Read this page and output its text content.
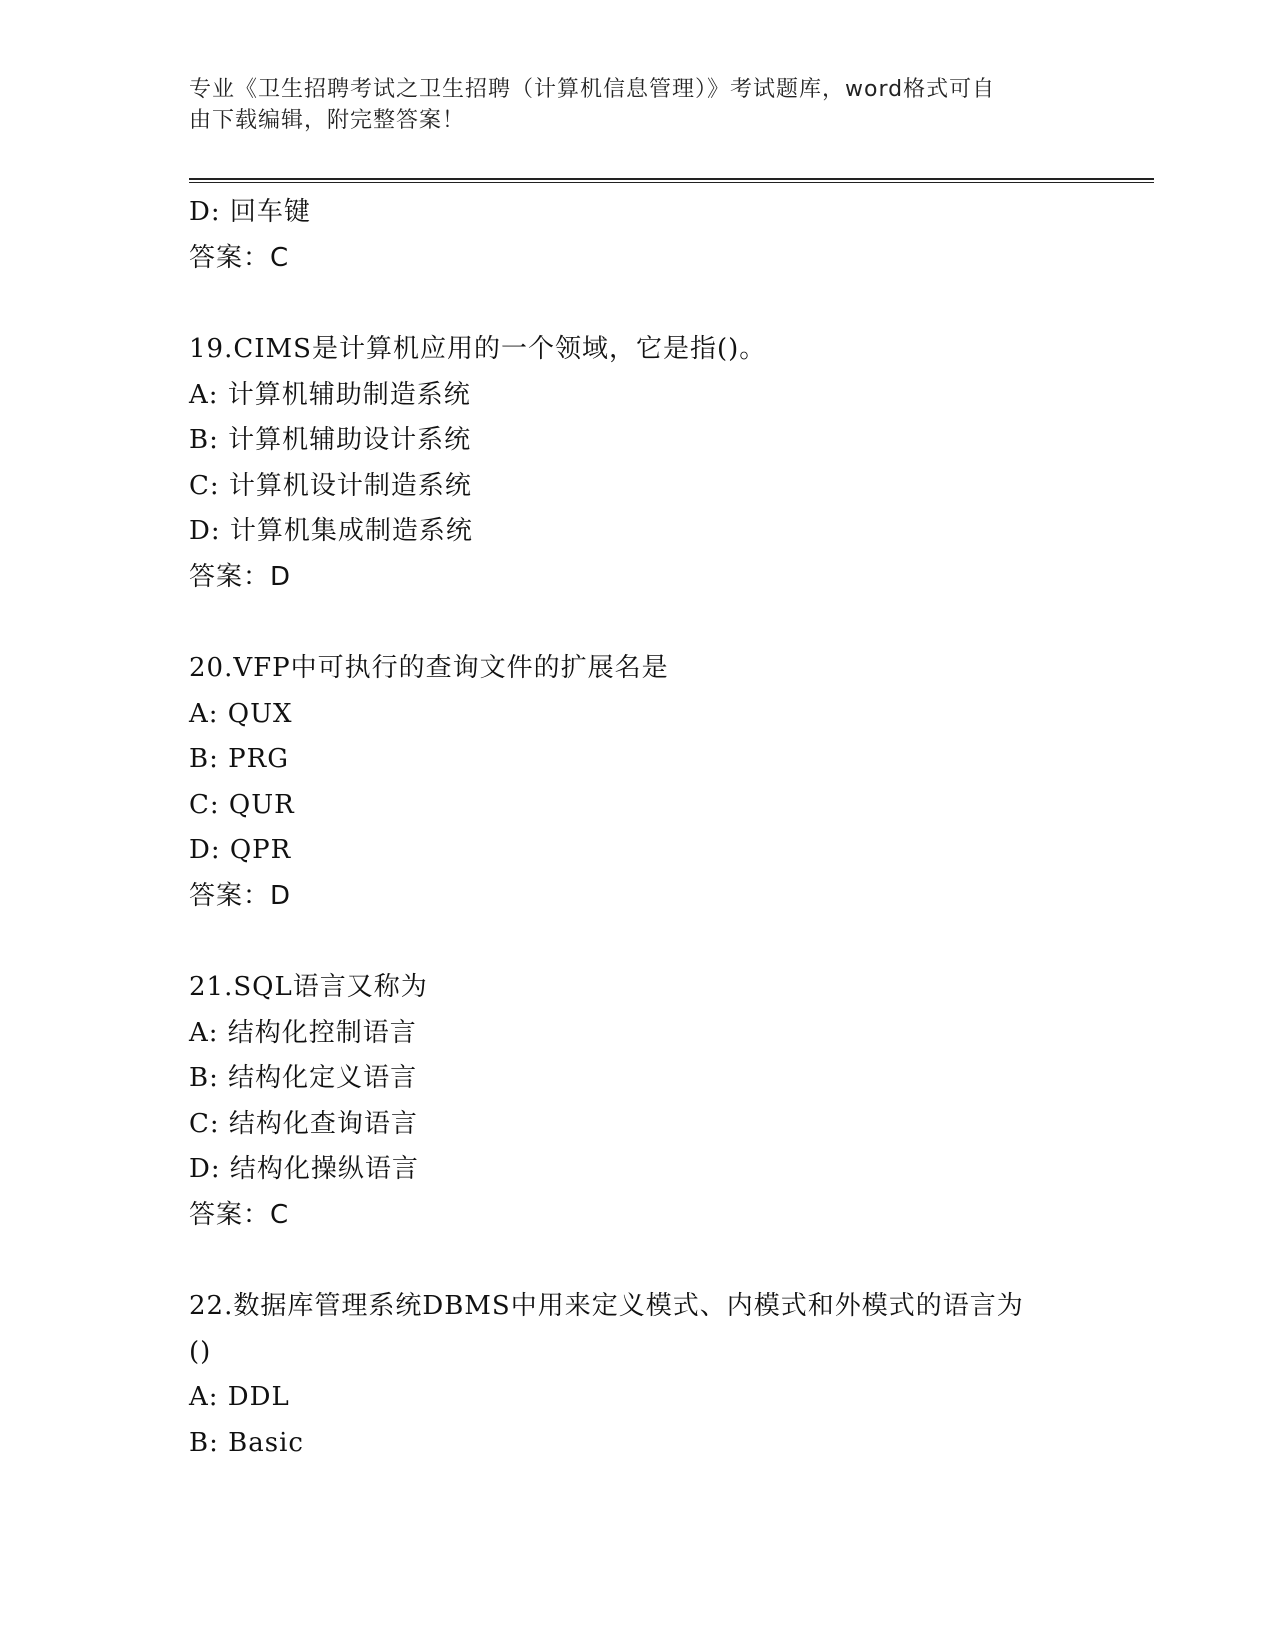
专业《卫生招聘考试之卫生招聘（计算机信息管理）》考试题库，word格式可自
由下载编辑，附完整答案！
D: 回车键
答案：C
19.CIMS是计算机应用的一个领域，它是指()。
A: 计算机辅助制造系统
B: 计算机辅助设计系统
C: 计算机设计制造系统
D: 计算机集成制造系统
答案：D
20.VFP中可执行的查询文件的扩展名是
A: QUX
B: PRG
C: QUR
D: QPR
答案：D
21.SQL语言又称为
A: 结构化控制语言
B: 结构化定义语言
C: 结构化查询语言
D: 结构化操纵语言
答案：C
22.数据库管理系统DBMS中用来定义模式、内模式和外模式的语言为
()
A: DDL
B: Basic
